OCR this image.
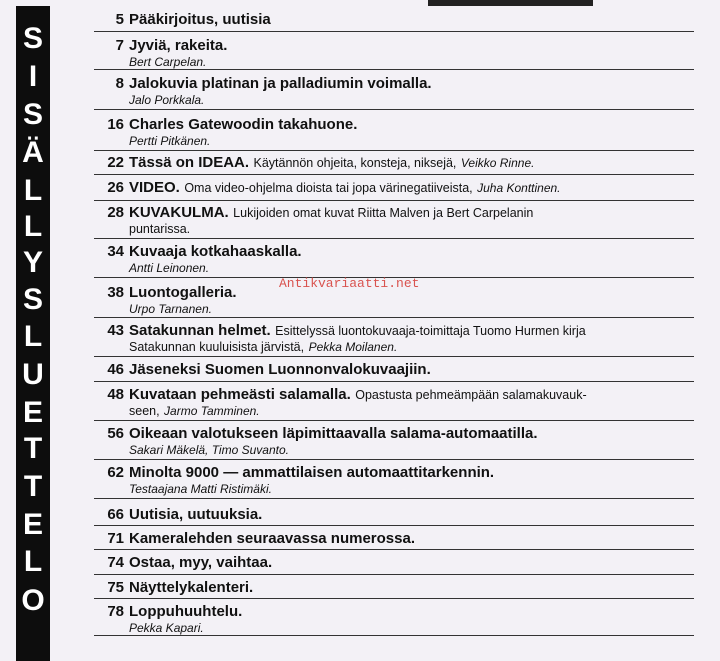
S
I
S
Ä
L
L
Y
S
L
U
E
T
T
E
L
O
5 Pääkirjoitus, uutisia
7 Jyviä, rakeita.
Bert Carpelan.
8 Jalokuvia platinan ja palladiumin voimalla.
Jalo Porkkala.
16 Charles Gatewoodin takahuone.
Pertti Pitkänen.
22 Tässä on IDEAA. Käytännön ohjeita, konsteja, niksejä, Veikko Rinne.
26 VIDEO. Oma video-ohjelma dioista tai jopa värinegatiiveista, Juha Konttinen.
28 KUVAKULMA. Lukijoiden omat kuvat Riitta Malven ja Bert Carpelanin
puntarissa.
34 Kuvaaja kotkahaaskalla.
Antti Leinonen.
38 Luontogalleria.
Urpo Tarnanen.
43 Satakunnan helmet. Esittelyssä luontokuvaaja-toimittaja Tuomo Hurmen kirja
Satakunnan kuuluisista järvistä, Pekka Moilanen.
46 Jäseneksi Suomen Luonnonvalokuvaajiin.
48 Kuvataan pehmeästi salamalla. Opastusta pehmeämpään salamakuvauk-
seen, Jarmo Tamminen.
56 Oikeaan valotukseen läpimittaavalla salama-automaatilla.
Sakari Mäkelä, Timo Suvanto.
62 Minolta 9000 — ammattilaisen automaattitarkennin.
Testaajana Matti Ristimäki.
66 Uutisia, uutuuksia.
71 Kameralehden seuraavassa numerossa.
74 Ostaa, myy, vaihtaa.
75 Näyttelykalenteri.
78 Loppuhuuhtelu.
Pekka Kapari.
Antikvariaatti.net
